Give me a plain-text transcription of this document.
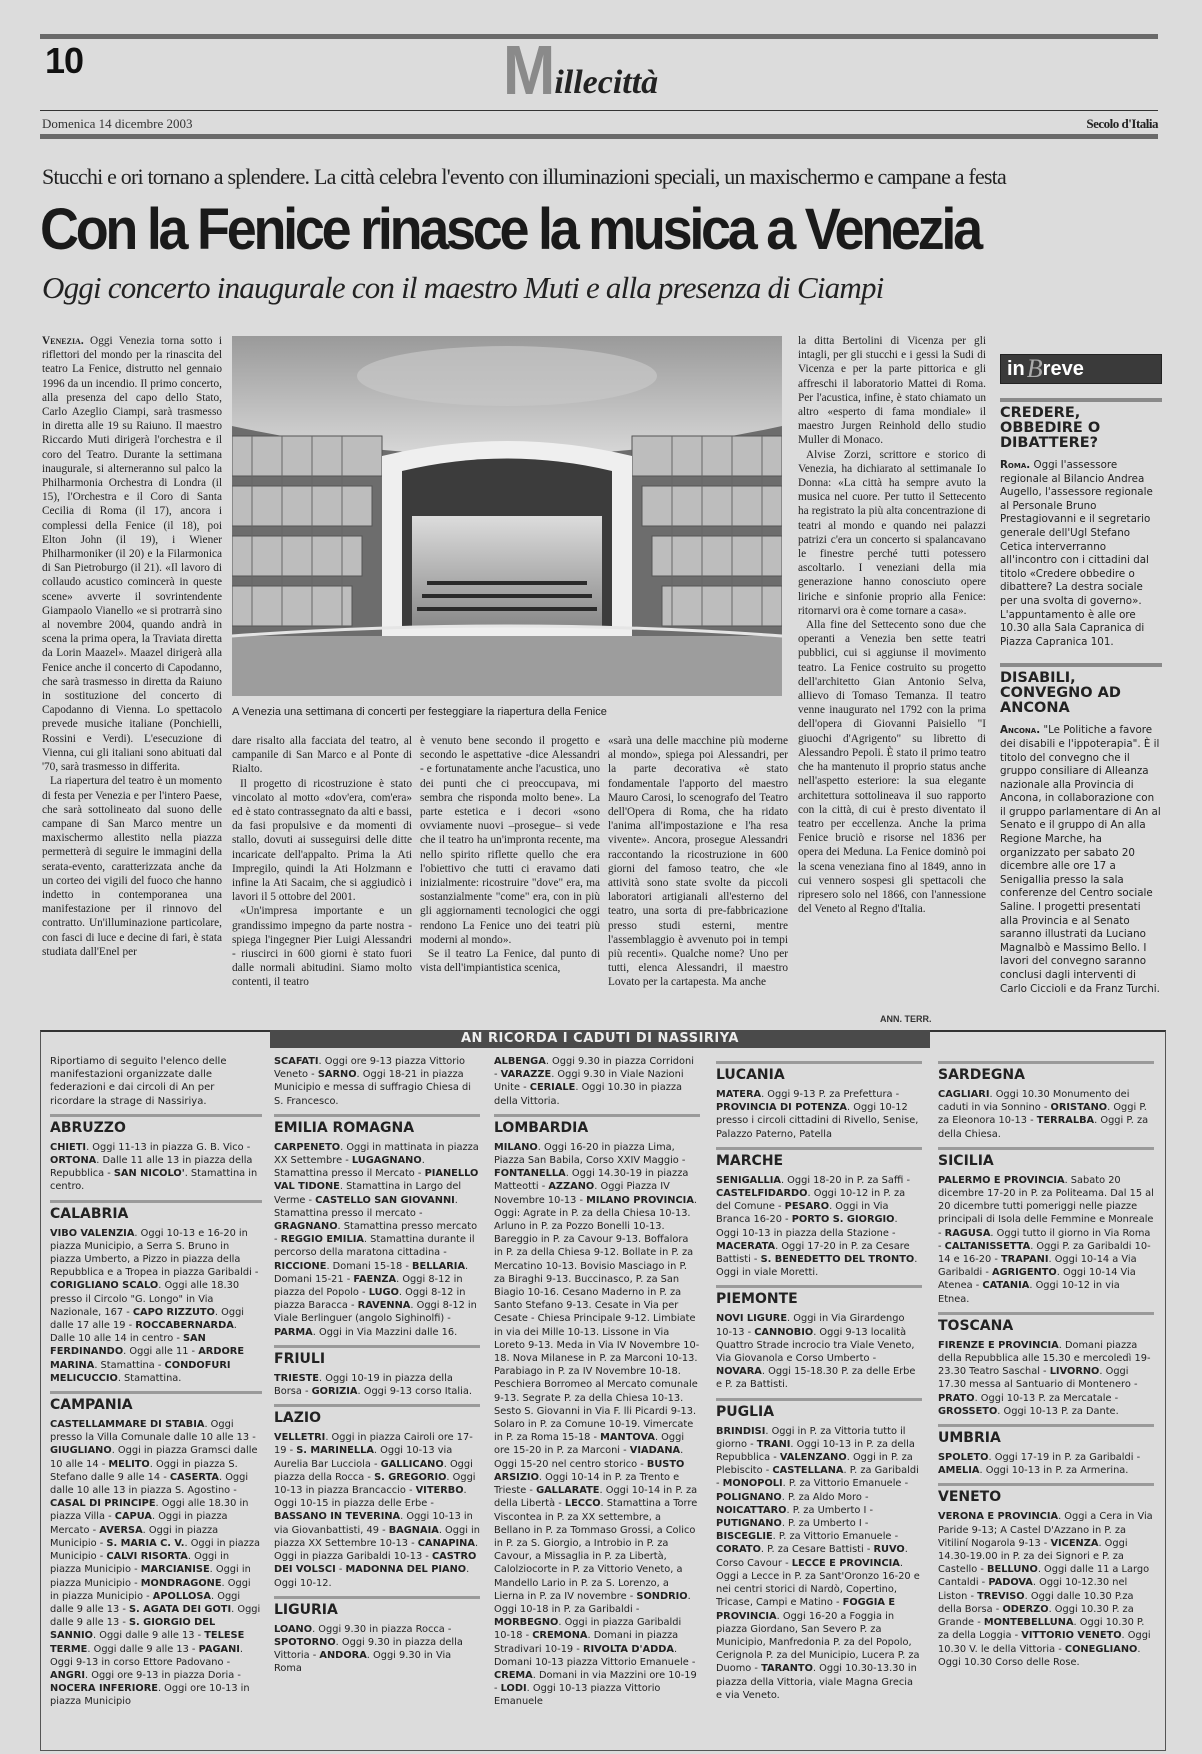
10	M
illecittà
Domenica 14 dicembre 2003	Secolo d'Italia
Stucchi e ori tornano a splendere. La città celebra l'evento con illuminazioni speciali, un maxischermo e campane a festa
Con la Fenice rinasce la musica a Venezia
Oggi concerto inaugurale con il maestro Muti e alla presenza di Ciampi

Venezia. Oggi Venezia torna sotto i riflettori del mondo per la rinascita del teatro La Fenice, distrutto nel gennaio 1996 da un incendio. Il primo concerto, alla presenza del capo dello Stato, Carlo Azeglio Ciampi, sarà trasmesso in diretta alle 19 su Raiuno. Il maestro Riccardo Muti dirigerà l'orchestra e il coro del Teatro. Durante la settimana inaugurale, si alterneranno sul palco la Philharmonia Orchestra di Londra (il 15), l'Orchestra e il Coro di Santa Cecilia di Roma (il 17), ancora i complessi della Fenice (il 18), poi Elton John (il 19), i Wiener Philharmoniker (il 20) e la Filarmonica di San Pietroburgo (il 21). «Il lavoro di collaudo acustico comincerà in queste scene» avverte il sovrintendente Giampaolo Vianello «e si protrarrà sino al novembre 2004, quando andrà in scena la prima opera, la Traviata diretta da Lorin Maazel». Maazel dirigerà alla Fenice anche il concerto di Capodanno, che sarà trasmesso in diretta da Raiuno in sostituzione del concerto di Capodanno di Vienna. Lo spettacolo prevede musiche italiane (Ponchielli, Rossini e Verdi). L'esecuzione di Vienna, cui gli italiani sono abituati dal '70, sarà trasmesso in differita.

La riapertura del teatro è un momento di festa per Venezia e per l'intero Paese, che sarà sottolineato dal suono delle campane di San Marco mentre un maxischermo allestito nella piazza permetterà di seguire le immagini della serata-evento, caratterizzata anche da un corteo dei vigili del fuoco che hanno indetto in contemporanea una manifestazione per il rinnovo del contratto. Un'illuminazione particolare, con fasci di luce e decine di fari, è stata studiata dall'Enel per

A Venezia una settimana di concerti per festeggiare la riapertura della Fenice

dare risalto alla facciata del teatro, al campanile di San Marco e al Ponte di Rialto.

Il progetto di ricostruzione è stato vincolato al motto «dov'era, com'era» ed è stato contrassegnato da alti e bassi, da fasi propulsive e da momenti di stallo, dovuti ai susseguirsi delle ditte incaricate dell'appalto. Prima la Ati Impregilo, quindi la Ati Holzmann e infine la Ati Sacaim, che si aggiudicò i lavori il 5 ottobre del 2001.

«Un'impresa importante e un grandissimo impegno da parte nostra - spiega l'ingegner Pier Luigi Alessandri - riuscirci in 600 giorni è stato fuori dalle normali abitudini. Siamo molto contenti, il teatro

è venuto bene secondo il progetto e secondo le aspettative -dice Alessandri - e fortunatamente anche l'acustica, uno dei punti che ci preoccupava, mi sembra che risponda molto bene». La parte estetica e i decori «sono ovviamente nuovi –prosegue– si vede che il teatro ha un'impronta recente, ma nello spirito riflette quello che era l'obiettivo che tutti ci eravamo dati inizialmente: ricostruire "dove" era, ma sostanzialmente "come" era, con in più gli aggiornamenti tecnologici che oggi rendono La Fenice uno dei teatri più moderni al mondo».

Se il teatro La Fenice, dal punto di vista dell'impiantistica scenica,

«sarà una delle macchine più moderne al mondo», spiega poi Alessandri, per la parte decorativa «è stato fondamentale l'apporto del maestro Mauro Carosi, lo scenografo del Teatro dell'Opera di Roma, che ha ridato l'anima all'impostazione e l'ha resa vivente». Ancora, prosegue Alessandri raccontando la ricostruzione in 600 giorni del famoso teatro, che «le attività sono state svolte da piccoli laboratori artigianali all'esterno del teatro, una sorta di pre-fabbricazione presso studi esterni, mentre l'assemblaggio è avvenuto poi in tempi più recenti». Qualche nome? Uno per tutti, elenca Alessandri, il maestro Lovato per la cartapesta. Ma anche

la ditta Bertolini di Vicenza per gli intagli, per gli stucchi e i gessi la Sudi di Vicenza e per la parte pittorica e gli affreschi il laboratorio Mattei di Roma. Per l'acustica, infine, è stato chiamato un altro «esperto di fama mondiale» il maestro Jurgen Reinhold dello studio Muller di Monaco.

Alvise Zorzi, scrittore e storico di Venezia, ha dichiarato al settimanale Io Donna: «La città ha sempre avuto la musica nel cuore. Per tutto il Settecento ha registrato la più alta concentrazione di teatri al mondo e quando nei palazzi patrizi c'era un concerto si spalancavano le finestre perché tutti potessero ascoltarlo. I veneziani della mia generazione hanno conosciuto opere liriche e sinfonie proprio alla Fenice: ritornarvi ora è come tornare a casa».

Alla fine del Settecento sono due che operanti a Venezia ben sette teatri pubblici, cui si aggiunse il movimento teatro. La Fenice costruito su progetto dell'architetto Gian Antonio Selva, allievo di Tomaso Temanza. Il teatro venne inaugurato nel 1792 con la prima dell'opera di Giovanni Paisiello "I giuochi d'Agrigento" su libretto di Alessandro Pepoli. È stato il primo teatro che ha mantenuto il proprio status anche nell'aspetto esteriore: la sua elegante architettura sottolineava il suo rapporto con la città, di cui è presto diventato il teatro per eccellenza. Anche la prima Fenice bruciò e risorse nel 1836 per opera dei Meduna. La Fenice dominò poi la scena veneziana fino al 1849, anno in cui vennero sospesi gli spettacoli che ripresero solo nel 1866, con l'annessione del Veneto al Regno d'Italia.

ANN. TERR.
in B reve
CREDERE, OBBEDIRE O DIBATTERE?
Roma. Oggi l'assessore regionale al Bilancio Andrea Augello, l'assessore regionale al Personale Bruno Prestagiovanni e il segretario generale dell'Ugl Stefano Cetica interverranno all'incontro con i cittadini dal titolo «Credere obbedire o dibattere? La destra sociale per una svolta di governo». L'appuntamento è alle ore 10.30 alla Sala Capranica di Piazza Capranica 101.
DISABILI, CONVEGNO AD ANCONA
Ancona. "Le Politiche a favore dei disabili e l'ippoterapia". È il titolo del convegno che il gruppo consiliare di Alleanza nazionale alla Provincia di Ancona, in collaborazione con il gruppo parlamentare di An al Senato e il gruppo di An alla Regione Marche, ha organizzato per sabato 20 dicembre alle ore 17 a Senigallia presso la sala conferenze del Centro sociale Saline. I progetti presentati alla Provincia e al Senato saranno illustrati da Luciano Magnalbò e Massimo Bello. I lavori del convegno saranno conclusi dagli interventi di Carlo Ciccioli e da Franz Turchi.
AN RICORDA I CADUTI DI NASSIRIYA
Riportiamo di seguito l'elenco delle manifestazioni organizzate dalle federazioni e dai circoli di An per ricordare la strage di Nassiriya.
ABRUZZO
CHIETI. Oggi 11-13 in piazza G. B. Vico - ORTONA. Dalle 11 alle 13 in piazza della Repubblica - SAN NICOLO'. Stamattina in centro.
CALABRIA
VIBO VALENZIA. Oggi 10-13 e 16-20 in piazza Municipio, a Serra S. Bruno in piazza Umberto, a Pizzo in piazza della Repubblica e a Tropea in piazza Garibaldi - CORIGLIANO SCALO. Oggi alle 18.30 presso il Circolo "G. Longo" in Via Nazionale, 167 - CAPO RIZZUTO. Oggi dalle 17 alle 19 - ROCCABERNARDA. Dalle 10 alle 14 in centro - SAN FERDINANDO. Oggi alle 11 - ARDORE MARINA. Stamattina - CONDOFURI MELICUCCIO. Stamattina.
CAMPANIA
CASTELLAMMARE DI STABIA. Oggi presso la Villa Comunale dalle 10 alle 13 - GIUGLIANO. Oggi in piazza Gramsci dalle 10 alle 14 - MELITO. Oggi in piazza S. Stefano dalle 9 alle 14 - CASERTA. Oggi dalle 10 alle 13 in piazza S. Agostino - CASAL DI PRINCIPE. Oggi alle 18.30 in piazza Villa - CAPUA. Oggi in piazza Mercato - AVERSA. Oggi in piazza Municipio - S. MARIA C. V.. Oggi in piazza Municipio - CALVI RISORTA. Oggi in piazza Municipio - MARCIANISE. Oggi in piazza Municipio - MONDRAGONE. Oggi in piazza Municipio - APOLLOSA. Oggi dalle 9 alle 13 - S. AGATA DEI GOTI. Oggi dalle 9 alle 13 - S. GIORGIO DEL SANNIO. Oggi dalle 9 alle 13 - TELESE TERME. Oggi dalle 9 alle 13 - PAGANI. Oggi 9-13 in corso Ettore Padovano - ANGRI. Oggi ore 9-13 in piazza Doria - NOCERA INFERIORE. Oggi ore 10-13 in piazza Municipio
SCAFATI. Oggi ore 9-13 piazza Vittorio Veneto - SARNO. Oggi 18-21 in piazza Municipio e messa di suffragio Chiesa di S. Francesco.
EMILIA ROMAGNA
CARPENETO. Oggi in mattinata in piazza XX Settembre - LUGAGNANO. Stamattina presso il Mercato - PIANELLO VAL TIDONE. Stamattina in Largo del Verme - CASTELLO SAN GIOVANNI. Stamattina presso il mercato - GRAGNANO. Stamattina presso mercato - REGGIO EMILIA. Stamattina durante il percorso della maratona cittadina - RICCIONE. Domani 15-18 - BELLARIA. Domani 15-21 - FAENZA. Oggi 8-12 in piazza del Popolo - LUGO. Oggi 8-12 in piazza Baracca - RAVENNA. Oggi 8-12 in Viale Berlinguer (angolo Sighinolfi) - PARMA. Oggi in Via Mazzini dalle 16.
FRIULI
TRIESTE. Oggi 10-19 in piazza della Borsa - GORIZIA. Oggi 9-13 corso Italia.
LAZIO
VELLETRI. Oggi in piazza Cairoli ore 17-19 - S. MARINELLA. Oggi 10-13 via Aurelia Bar Lucciola - GALLICANO. Oggi piazza della Rocca - S. GREGORIO. Oggi 10-13 in piazza Brancaccio - VITERBO. Oggi 10-15 in piazza delle Erbe - BASSANO IN TEVERINA. Oggi 10-13 in via Giovanbattisti, 49 - BAGNAIA. Oggi in piazza XX Settembre 10-13 - CANAPINA. Oggi in piazza Garibaldi 10-13 - CASTRO DEI VOLSCI - MADONNA DEL PIANO. Oggi 10-12.
LIGURIA
LOANO. Oggi 9.30 in piazza Rocca - SPOTORNO. Oggi 9.30 in piazza della Vittoria - ANDORA. Oggi 9.30 in Via Roma
ALBENGA. Oggi 9.30 in piazza Corridoni - VARAZZE. Oggi 9.30 in Viale Nazioni Unite - CERIALE. Oggi 10.30 in piazza della Vittoria.
LOMBARDIA
MILANO. Oggi 16-20 in piazza Lima, Piazza San Babila, Corso XXIV Maggio - FONTANELLA. Oggi 14.30-19 in piazza Matteotti - AZZANO. Oggi Piazza IV Novembre 10-13 - MILANO PROVINCIA. Oggi: Agrate in P. za della Chiesa 10-13. Arluno in P. za Pozzo Bonelli 10-13. Bareggio in P. za Cavour 9-13. Boffalora in P. za della Chiesa 9-12. Bollate in P. za Mercatino 10-13. Bovisio Masciago in P. za Biraghi 9-13. Buccinasco, P. za San Biagio 10-16. Cesano Maderno in P. za Santo Stefano 9-13. Cesate in Via per Cesate - Chiesa Principale 9-12. Limbiate in via dei Mille 10-13. Lissone in Via Loreto 9-13. Meda in Via IV Novembre 10-18. Nova Milanese in P. za Marconi 10-13. Parabiago in P. za IV Novembre 10-18. Peschiera Borromeo al Mercato comunale 9-13. Segrate P. za della Chiesa 10-13. Sesto S. Giovanni in Via F. lli Picardi 9-13. Solaro in P. za Comune 10-19. Vimercate in P. za Roma 15-18 - MANTOVA. Oggi ore 15-20 in P. za Marconi - VIADANA. Oggi 15-20 nel centro storico - BUSTO ARSIZIO. Oggi 10-14 in P. za Trento e Trieste - GALLARATE. Oggi 10-14 in P. za della Libertà - LECCO. Stamattina a Torre Viscontea in P. za XX settembre, a Bellano in P. za Tommaso Grossi, a Colico in P. za S. Giorgio, a Introbio in P. za Cavour, a Missaglia in P. za Libertà, Calolziocorte in P. za Vittorio Veneto, a Mandello Lario in P. za S. Lorenzo, a Lierna in P. za IV novembre - SONDRIO. Oggi 10-18 in P. za Garibaldi - MORBEGNO. Oggi in piazza Garibaldi 10-18 - CREMONA. Domani in piazza Stradivari 10-19 - RIVOLTA D'ADDA. Domani 10-13 piazza Vittorio Emanuele - CREMA. Domani in via Mazzini ore 10-19 - LODI. Oggi 10-13 piazza Vittorio Emanuele
LUCANIA
MATERA. Oggi 9-13 P. za Prefettura - PROVINCIA DI POTENZA. Oggi 10-12 presso i circoli cittadini di Rivello, Senise, Palazzo Paterno, Patella
MARCHE
SENIGALLIA. Oggi 18-20 in P. za Saffi - CASTELFIDARDO. Oggi 10-12 in P. za del Comune - PESARO. Oggi in Via Branca 16-20 - PORTO S. GIORGIO. Oggi 10-13 in piazza della Stazione - MACERATA. Oggi 17-20 in P. za Cesare Battisti - S. BENEDETTO DEL TRONTO. Oggi in viale Moretti.
PIEMONTE
NOVI LIGURE. Oggi in Via Girardengo 10-13 - CANNOBIO. Oggi 9-13 località Quattro Strade incrocio tra Viale Veneto, Via Giovanola e Corso Umberto - NOVARA. Oggi 15-18.30 P. za delle Erbe e P. za Battisti.
PUGLIA
BRINDISI. Oggi in P. za Vittoria tutto il giorno - TRANI. Oggi 10-13 in P. za della Repubblica - VALENZANO. Oggi in P. za Plebiscito - CASTELLANA. P. za Garibaldi - MONOPOLI. P. za Vittorio Emanuele - POLIGNANO. P. za Aldo Moro - NOICATTARO. P. za Umberto I - PUTIGNANO. P. za Umberto I - BISCEGLIE. P. za Vittorio Emanuele - CORATO. P. za Cesare Battisti - RUVO. Corso Cavour - LECCE E PROVINCIA. Oggi a Lecce in P. za Sant'Oronzo 16-20 e nei centri storici di Nardò, Copertino, Tricase, Campi e Matino - FOGGIA E PROVINCIA. Oggi 16-20 a Foggia in piazza Giordano, San Severo P. za Municipio, Manfredonia P. za del Popolo, Cerignola P. za del Municipio, Lucera P. za Duomo - TARANTO. Oggi 10.30-13.30 in piazza della Vittoria, viale Magna Grecia e via Veneto.
SARDEGNA
CAGLIARI. Oggi 10.30 Monumento dei caduti in via Sonnino - ORISTANO. Oggi P. za Eleonora 10-13 - TERRALBA. Oggi P. za della Chiesa.
SICILIA
PALERMO E PROVINCIA. Sabato 20 dicembre 17-20 in P. za Politeama. Dal 15 al 20 dicembre tutti pomeriggi nelle piazze principali di Isola delle Femmine e Monreale - RAGUSA. Oggi tutto il giorno in Via Roma - CALTANISSETTA. Oggi P. za Garibaldi 10-14 e 16-20 - TRAPANI. Oggi 10-14 a Via Garibaldi - AGRIGENTO. Oggi 10-14 Via Atenea - CATANIA. Oggi 10-12 in via Etnea.
TOSCANA
FIRENZE E PROVINCIA. Domani piazza della Repubblica alle 15.30 e mercoledì 19-23.30 Teatro Saschal - LIVORNO. Oggi 17.30 messa al Santuario di Montenero - PRATO. Oggi 10-13 P. za Mercatale - GROSSETO. Oggi 10-13 P. za Dante.
UMBRIA
SPOLETO. Oggi 17-19 in P. za Garibaldi - AMELIA. Oggi 10-13 in P. za Armerina.
VENETO
VERONA E PROVINCIA. Oggi a Cera in Via Paride 9-13; A Castel D'Azzano in P. za Vitiliní Nogarola 9-13 - VICENZA. Oggi 14.30-19.00 in P. za dei Signori e P. za Castello - BELLUNO. Oggi dalle 11 a Largo Cantaldi - PADOVA. Oggi 10-12.30 nel Liston - TREVISO. Oggi dalle 10.30 P.za della Borsa - ODERZO. Oggi 10.30 P. za Grande - MONTEBELLUNA. Oggi 10.30 P. za della Loggia - VITTORIO VENETO. Oggi 10.30 V. le della Vittoria - CONEGLIANO. Oggi 10.30 Corso delle Rose.
